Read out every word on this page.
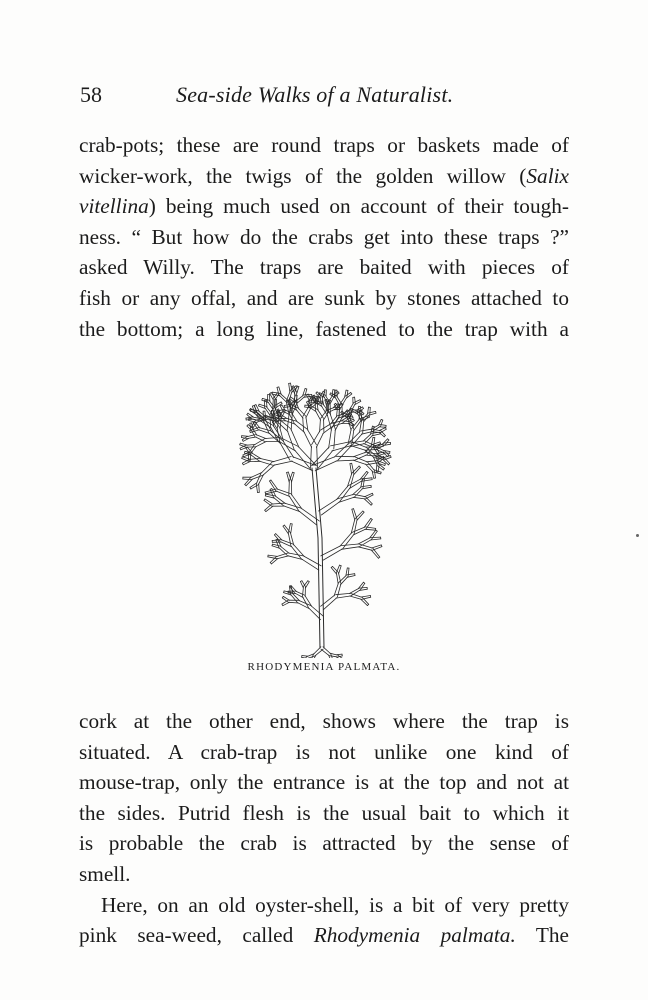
58	Sea-side Walks of a Naturalist.
crab-pots; these are round traps or baskets made of
wicker-work, the twigs of the golden willow (Salix
vitellina) being much used on account of their tough-
ness. “ But how do the crabs get into these traps ?”
asked Willy. The traps are baited with pieces of
fish or any offal, and are sunk by stones attached to
the bottom; a long line, fastened to the trap with a
RHODYMENIA PALMATA.
cork at the other end, shows where the trap is
situated. A crab-trap is not unlike one kind of
mouse-trap, only the entrance is at the top and not at
the sides. Putrid flesh is the usual bait to which it
is probable the crab is attracted by the sense of
smell.
Here, on an old oyster-shell, is a bit of very pretty
pink sea-weed, called Rhodymenia palmata. The
